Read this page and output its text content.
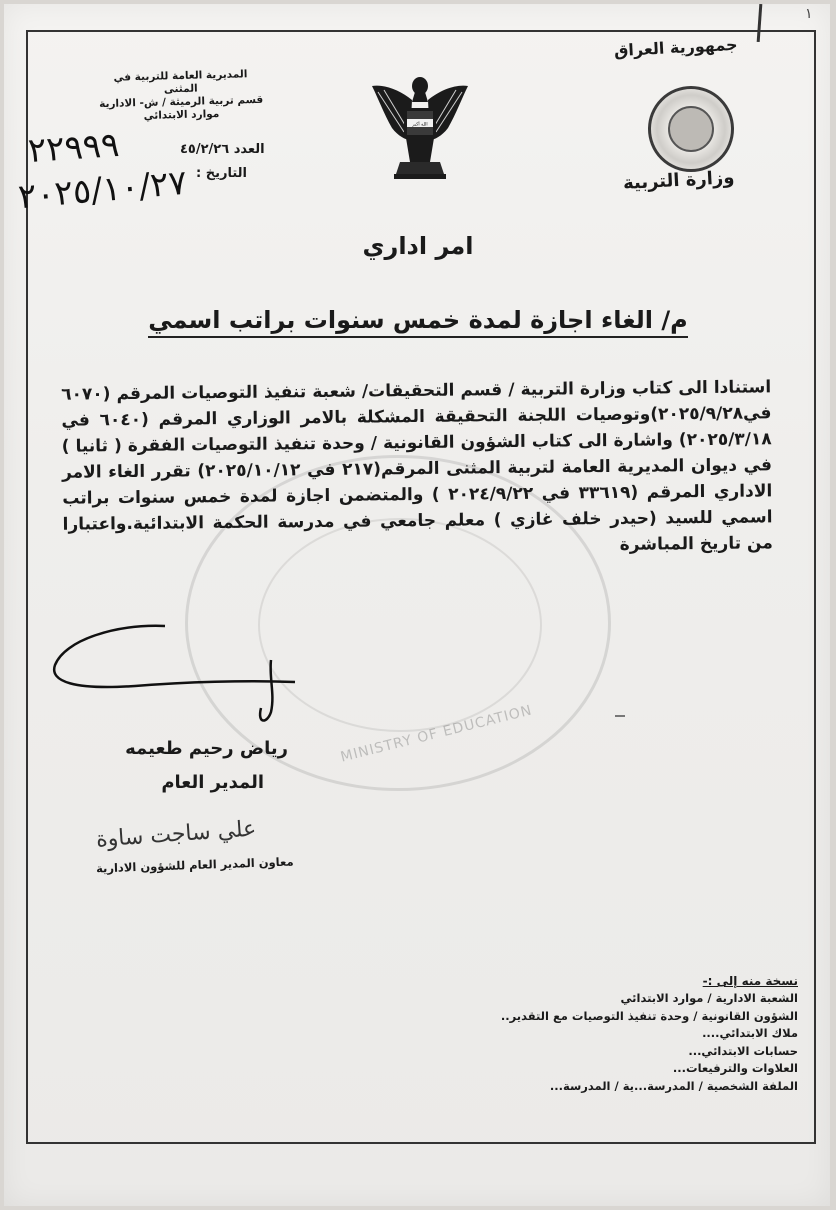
١
جمهورية العراق
وزارة التربية
الله أكبر
المديرية العامة للتربية في المثنى
قسم تربية الرميثة / ش- الادارية
موارد الابتدائي
العدد ٤٥/٢/٢٦
التاريخ :
٢٢٩٩٩
٢٠٢٥/١٠/٢٧
امر اداري
م/ الغاء اجازة لمدة خمس سنوات براتب اسمي
MINISTRY OF EDUCATION
استنادا الى كتاب وزارة التربية / قسم التحقيقات/ شعبة تنفيذ التوصيات المرقم (٦٠٧٠ في٢٠٢٥/٩/٢٨)وتوصيات اللجنة التحقيقة المشكلة بالامر الوزاري المرقم (٦٠٤٠ في ٢٠٢٥/٣/١٨) واشارة الى كتاب الشؤون القانونية / وحدة تنفيذ التوصيات الفقرة ( ثانيا ) في ديوان المديرية العامة لتربية المثنى المرقم(٢١٧ في ٢٠٢٥/١٠/١٢) تقرر الغاء الامر الاداري المرقم (٣٣٦١٩ في ٢٠٢٤/٩/٢٢ ) والمتضمن اجازة لمدة خمس سنوات براتب اسمي للسيد (حيدر خلف غازي ) معلم جامعي في مدرسة الحكمة الابتدائية.واعتبارا من تاريخ المباشرة
رياض رحيم طعيمه
المدير العام
علي ساجت ساوة
معاون المدير العام للشؤون الادارية
نسخة منه إلى :-
الشعبة الادارية / موارد الابتدائي
الشؤون القانونية / وحدة تنفيذ التوصيات مع التقدير..
ملاك الابتدائي....
حسابات الابتدائي...
العلاوات والترفيعات...
الملفة الشخصية / المدرسة...ية / المدرسة...
